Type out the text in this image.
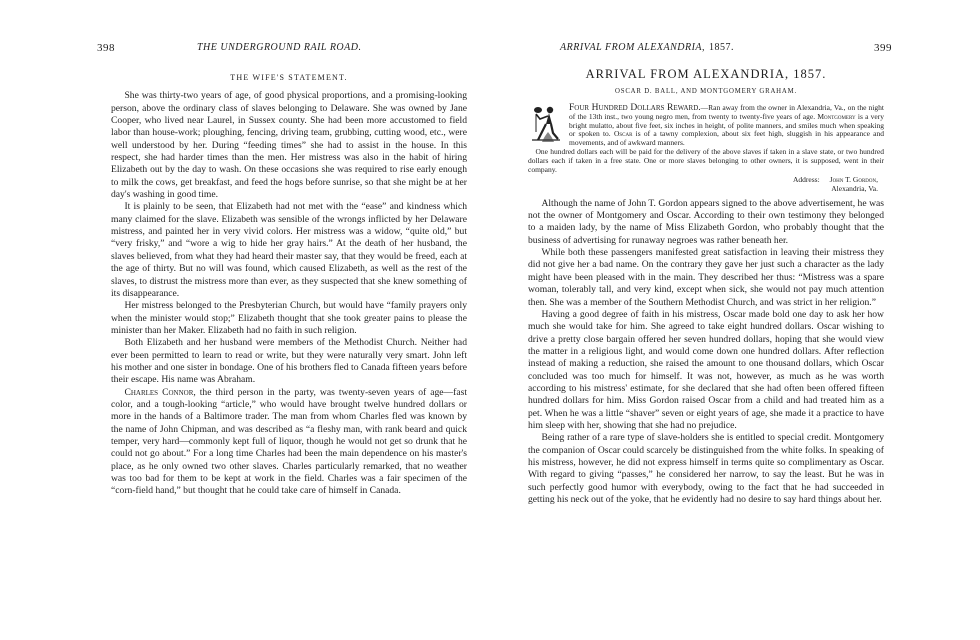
398	THE UNDERGROUND RAIL ROAD.
THE WIFE'S STATEMENT.

She was thirty-two years of age, of good physical proportions, and a promising-looking person, above the ordinary class of slaves belonging to Delaware. She was owned by Jane Cooper, who lived near Laurel, in Sussex county. She had been more accustomed to field labor than house-work; ploughing, fencing, driving team, grubbing, cutting wood, etc., were well understood by her. During “feeding times” she had to assist in the house. In this respect, she had harder times than the men. Her mistress was also in the habit of hiring Elizabeth out by the day to wash. On these occasions she was required to rise early enough to milk the cows, get breakfast, and feed the hogs before sunrise, so that she might be at her day's washing in good time.

It is plainly to be seen, that Elizabeth had not met with the “ease” and kindness which many claimed for the slave. Elizabeth was sensible of the wrongs inflicted by her Delaware mistress, and painted her in very vivid colors. Her mistress was a widow, “quite old,” but “very frisky,” and “wore a wig to hide her gray hairs.” At the death of her husband, the slaves believed, from what they had heard their master say, that they would be freed, each at the age of thirty. But no will was found, which caused Elizabeth, as well as the rest of the slaves, to distrust the mistress more than ever, as they suspected that she knew something of its disappearance.

Her mistress belonged to the Presbyterian Church, but would have “family prayers only when the minister would stop;” Elizabeth thought that she took greater pains to please the minister than her Maker. Elizabeth had no faith in such religion.

Both Elizabeth and her husband were members of the Methodist Church. Neither had ever been permitted to learn to read or write, but they were naturally very smart. John left his mother and one sister in bondage. One of his brothers fled to Canada fifteen years before their escape. His name was Abraham.

Charles Connor, the third person in the party, was twenty-seven years of age—fast color, and a tough-looking “article,” who would have brought twelve hundred dollars or more in the hands of a Baltimore trader. The man from whom Charles fled was known by the name of John Chipman, and was described as “a fleshy man, with rank beard and quick temper, very hard—commonly kept full of liquor, though he would not get so drunk that he could not go about.” For a long time Charles had been the main dependence on his master's place, as he only owned two other slaves. Charles particularly remarked, that no weather was too bad for them to be kept at work in the field. Charles was a fair specimen of the “corn-field hand,” but thought that he could take care of himself in Canada.

ARRIVAL FROM ALEXANDRIA, 1857.	399
ARRIVAL FROM ALEXANDRIA, 1857.
OSCAR D. BALL, AND MONTGOMERY GRAHAM.
Four Hundred Dollars Reward.—Ran away from the owner in Alexandria, Va., on the night of the 13th inst., two young negro men, from twenty to twenty-five years of age. Montgomery is a very bright mulatto, about five feet, six inches in height, of polite manners, and smiles much when speaking or spoken to. Oscar is of a tawny complexion, about six feet high, sluggish in his appearance and movements, and of awkward manners.
One hundred dollars each will be paid for the delivery of the above slaves if taken in a slave state, or two hundred dollars each if taken in a free state. One or more slaves belonging to other owners, it is supposed, went in their company.
Address: John T. Gordon,
Alexandria, Va.

Although the name of John T. Gordon appears signed to the above advertisement, he was not the owner of Montgomery and Oscar. According to their own testimony they belonged to a maiden lady, by the name of Miss Elizabeth Gordon, who probably thought that the business of advertising for runaway negroes was rather beneath her.

While both these passengers manifested great satisfaction in leaving their mistress they did not give her a bad name. On the contrary they gave her just such a character as the lady might have been pleased with in the main. They described her thus: “Mistress was a spare woman, tolerably tall, and very kind, except when sick, she would not pay much attention then. She was a member of the Southern Methodist Church, and was strict in her religion.”

Having a good degree of faith in his mistress, Oscar made bold one day to ask her how much she would take for him. She agreed to take eight hundred dollars. Oscar wishing to drive a pretty close bargain offered her seven hundred dollars, hoping that she would view the matter in a religious light, and would come down one hundred dollars. After reflection instead of making a reduction, she raised the amount to one thousand dollars, which Oscar concluded was too much for himself. It was not, however, as much as he was worth according to his mistress' estimate, for she declared that she had often been offered fifteen hundred dollars for him. Miss Gordon raised Oscar from a child and had treated him as a pet. When he was a little “shaver” seven or eight years of age, she made it a practice to have him sleep with her, showing that she had no prejudice.

Being rather of a rare type of slave-holders she is entitled to special credit. Montgomery the companion of Oscar could scarcely be distinguished from the white folks. In speaking of his mistress, however, he did not express himself in terms quite so complimentary as Oscar. With regard to giving “passes,” he considered her narrow, to say the least. But he was in such perfectly good humor with everybody, owing to the fact that he had succeeded in getting his neck out of the yoke, that he evidently had no desire to say hard things about her.
